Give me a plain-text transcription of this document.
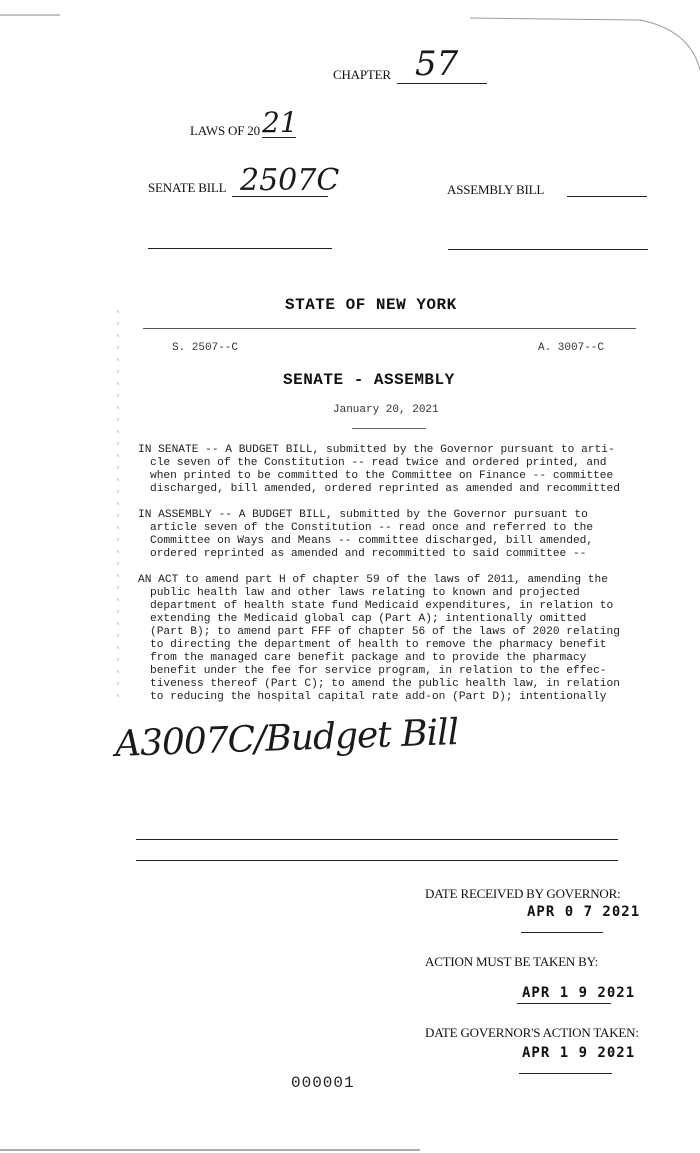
CHAPTER 57
LAWS OF 20 21
SENATE BILL 2507C	ASSEMBLY BILL
STATE OF NEW YORK
S. 2507--C	A. 3007--C
SENATE - ASSEMBLY
January 20, 2021
IN SENATE -- A BUDGET BILL, submitted by the Governor pursuant to arti-
cle seven of the Constitution -- read twice and ordered printed, and
when printed to be committed to the Committee on Finance -- committee
discharged, bill amended, ordered reprinted as amended and recommitted
IN ASSEMBLY -- A BUDGET BILL, submitted by the Governor pursuant to
article seven of the Constitution -- read once and referred to the
Committee on Ways and Means -- committee discharged, bill amended,
ordered reprinted as amended and recommitted to said committee --
AN ACT to amend part H of chapter 59 of the laws of 2011, amending the
public health law and other laws relating to known and projected
department of health state fund Medicaid expenditures, in relation to
extending the Medicaid global cap (Part A); intentionally omitted
(Part B); to amend part FFF of chapter 56 of the laws of 2020 relating
to directing the department of health to remove the pharmacy benefit
from the managed care benefit package and to provide the pharmacy
benefit under the fee for service program, in relation to the effec-
tiveness thereof (Part C); to amend the public health law, in relation
to reducing the hospital capital rate add-on (Part D); intentionally
A3007C/Budget Bill
DATE RECEIVED BY GOVERNOR:
APR 0 7 2021
ACTION MUST BE TAKEN BY:
APR 1 9 2021
DATE GOVERNOR'S ACTION TAKEN:
APR 1 9 2021
000001
